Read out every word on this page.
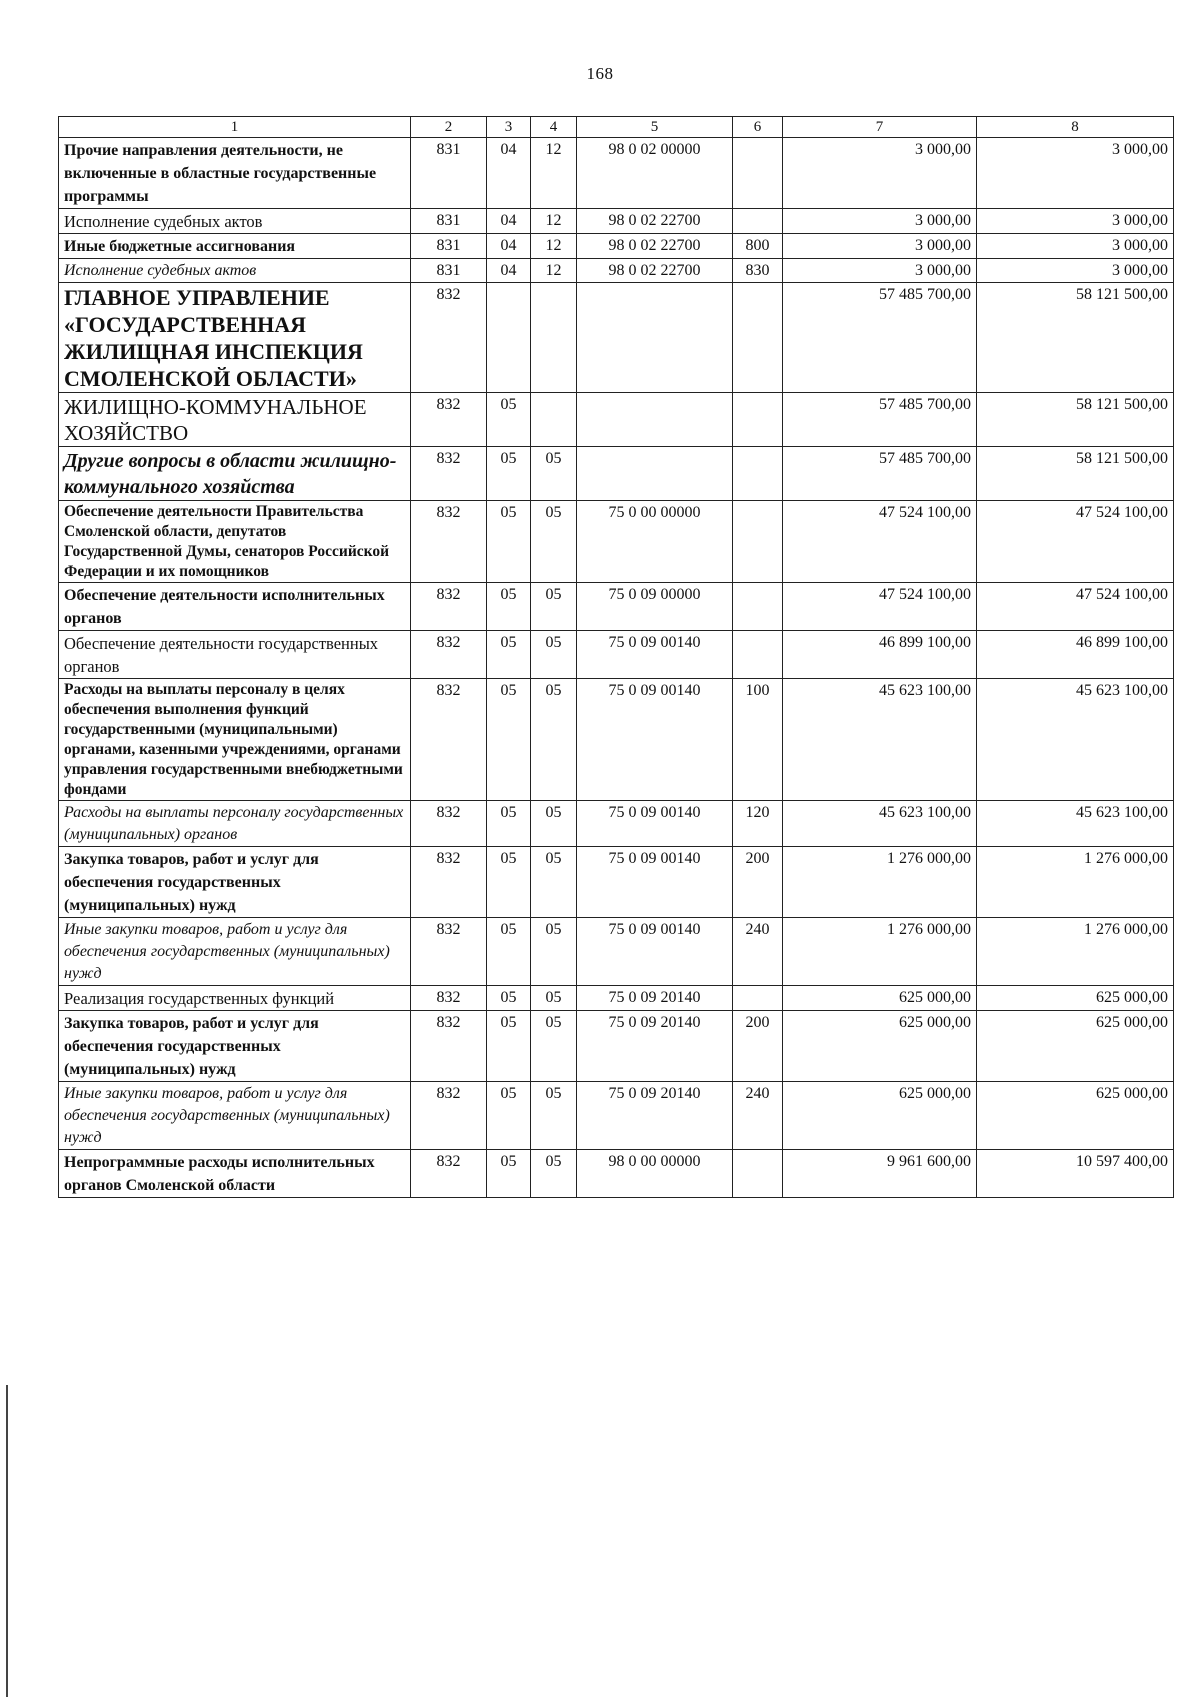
168
1	2	3	4	5	6	7	8
Прочие направления деятельности, не включенные в областные государственные программы	831	04	12	98 0 02 00000		3 000,00	3 000,00
Исполнение судебных актов	831	04	12	98 0 02 22700		3 000,00	3 000,00
Иные бюджетные ассигнования	831	04	12	98 0 02 22700	800	3 000,00	3 000,00
Исполнение судебных актов	831	04	12	98 0 02 22700	830	3 000,00	3 000,00
ГЛАВНОЕ УПРАВЛЕНИЕ «ГОСУДАРСТВЕННАЯ ЖИЛИЩНАЯ ИНСПЕКЦИЯ СМОЛЕНСКОЙ ОБЛАСТИ»	832					57 485 700,00	58 121 500,00
ЖИЛИЩНО-КОММУНАЛЬНОЕ ХОЗЯЙСТВО	832	05				57 485 700,00	58 121 500,00
Другие вопросы в области жилищно-коммунального хозяйства	832	05	05			57 485 700,00	58 121 500,00
Обеспечение деятельности Правительства Смоленской области, депутатов Государственной Думы, сенаторов Российской Федерации и их помощников	832	05	05	75 0 00 00000		47 524 100,00	47 524 100,00
Обеспечение деятельности исполнительных органов	832	05	05	75 0 09 00000		47 524 100,00	47 524 100,00
Обеспечение деятельности государственных органов	832	05	05	75 0 09 00140		46 899 100,00	46 899 100,00
Расходы на выплаты персоналу в целях обеспечения выполнения функций государственными (муниципальными) органами, казенными учреждениями, органами управления государственными внебюджетными фондами	832	05	05	75 0 09 00140	100	45 623 100,00	45 623 100,00
Расходы на выплаты персоналу государственных (муниципальных) органов	832	05	05	75 0 09 00140	120	45 623 100,00	45 623 100,00
Закупка товаров, работ и услуг для обеспечения государственных (муниципальных) нужд	832	05	05	75 0 09 00140	200	1 276 000,00	1 276 000,00
Иные закупки товаров, работ и услуг для обеспечения государственных (муниципальных) нужд	832	05	05	75 0 09 00140	240	1 276 000,00	1 276 000,00
Реализация государственных функций	832	05	05	75 0 09 20140		625 000,00	625 000,00
Закупка товаров, работ и услуг для обеспечения государственных (муниципальных) нужд	832	05	05	75 0 09 20140	200	625 000,00	625 000,00
Иные закупки товаров, работ и услуг для обеспечения государственных (муниципальных) нужд	832	05	05	75 0 09 20140	240	625 000,00	625 000,00
Непрограммные расходы исполнительных органов Смоленской области	832	05	05	98 0 00 00000		9 961 600,00	10 597 400,00
